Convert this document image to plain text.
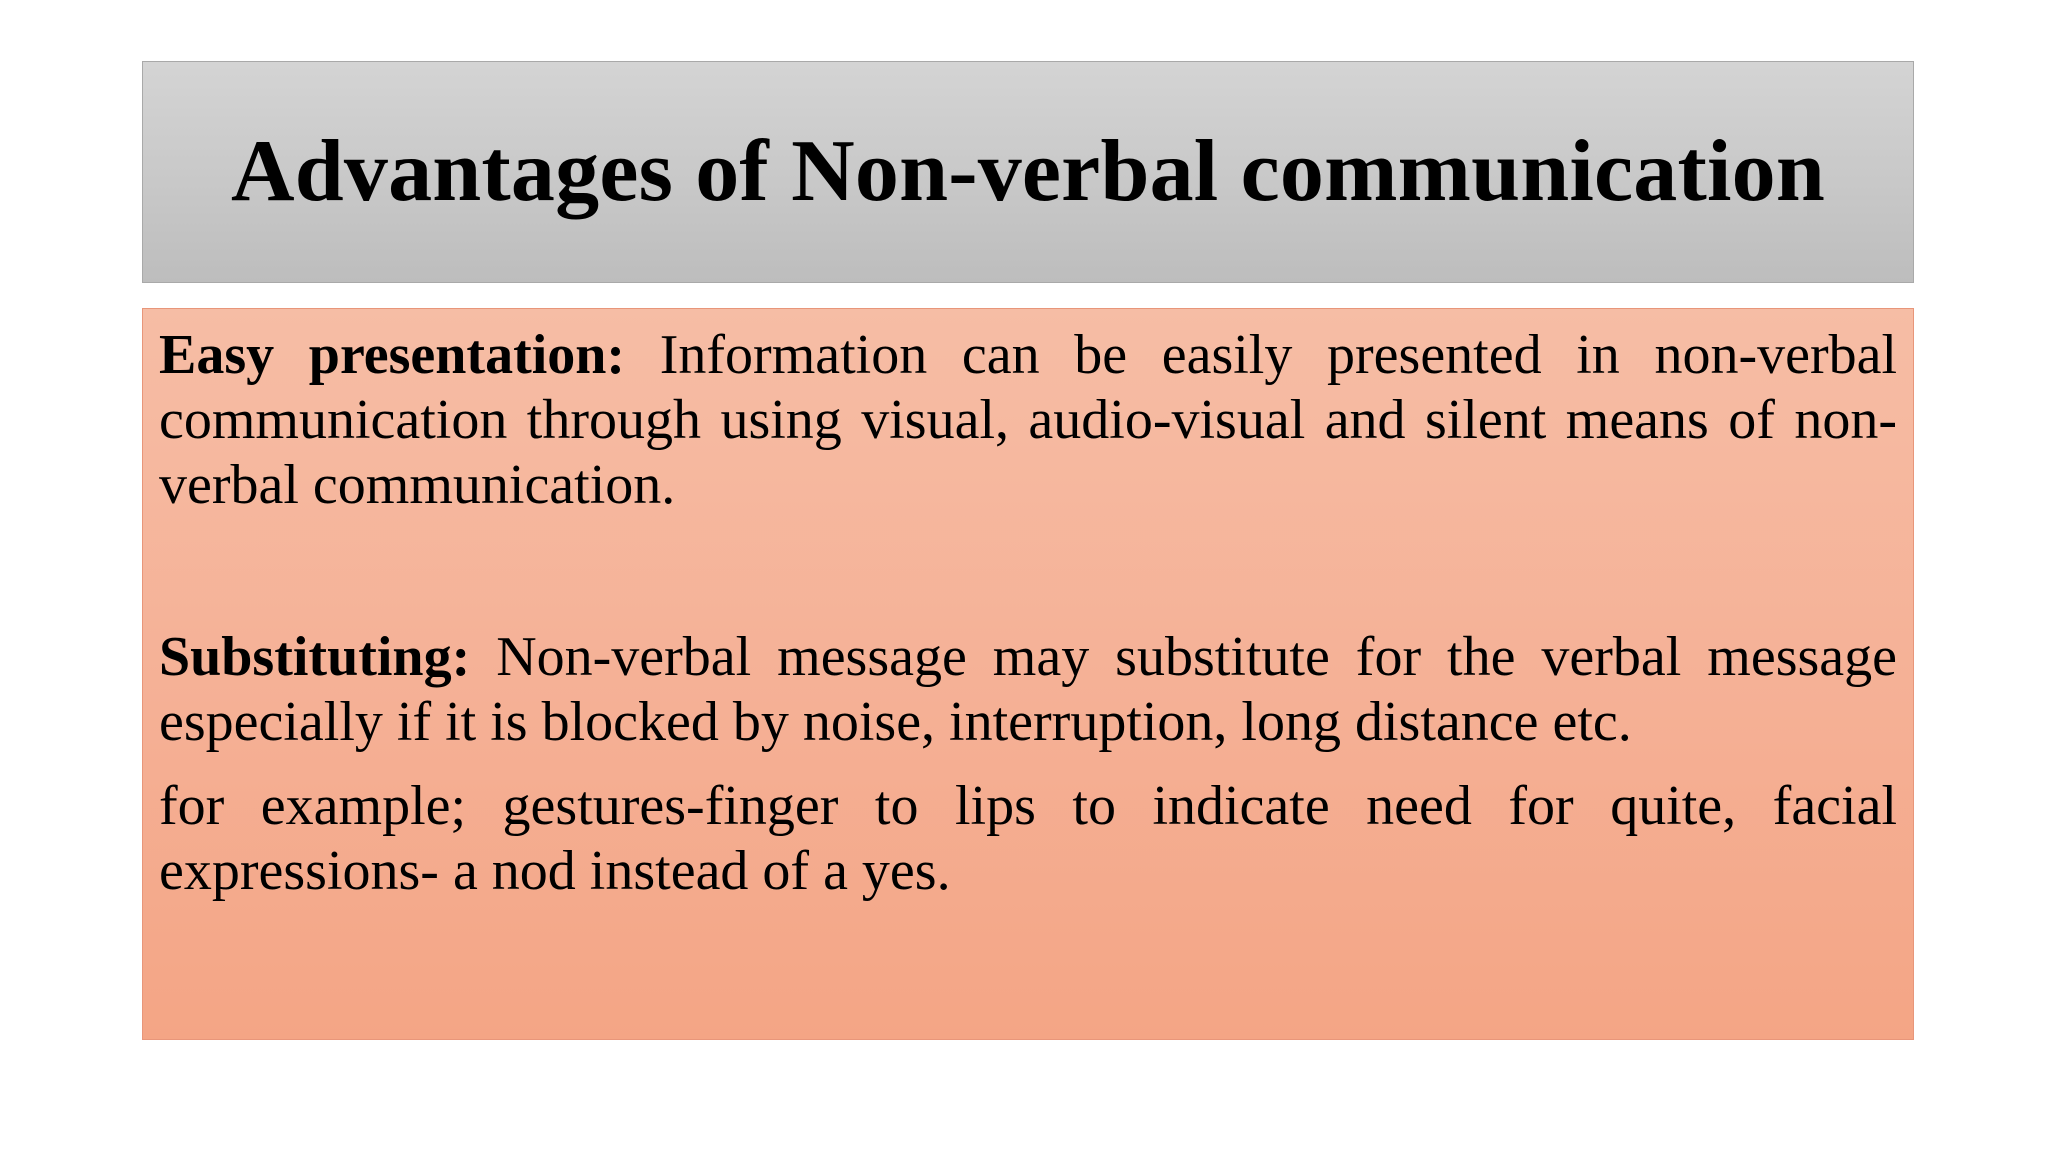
Advantages of Non-verbal communication

Easy presentation: Information can be easily presented in non-verbal communication through using visual, audio-visual and silent means of non-verbal communication.

Substituting: Non-verbal message may substitute for the verbal message especially if it is blocked by noise, interruption, long distance etc.

for example; gestures-finger to lips to indicate need for quite, facial expressions- a nod instead of a yes.
